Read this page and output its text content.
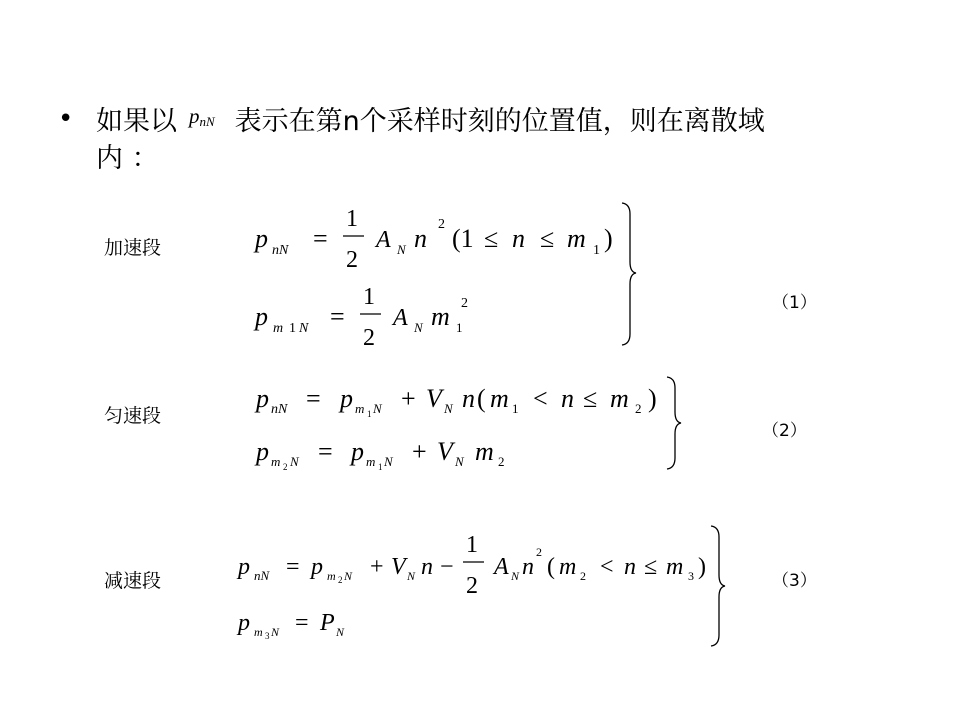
• 如果以 $^{p_{nN}}$ 表示在第n个采样时刻的位置值，则在离散域
内 ：
加速段
匀速段
减速段
（1）
（2）
（3）
p nN =
1
2
A N n 2 (1 ≤ n ≤ m 1 )
p m 1 N =
1
2
A N m 1
2
p nN = p m 1 N + V N n ( m 1 < n ≤ m 2 )
p m 2 N = p m 1 N + V N m 2
p nN = p m 2 N + V N n −
1
2
A N n
2
( m 2 < n ≤ m 3 )
p m 3 N = P N
